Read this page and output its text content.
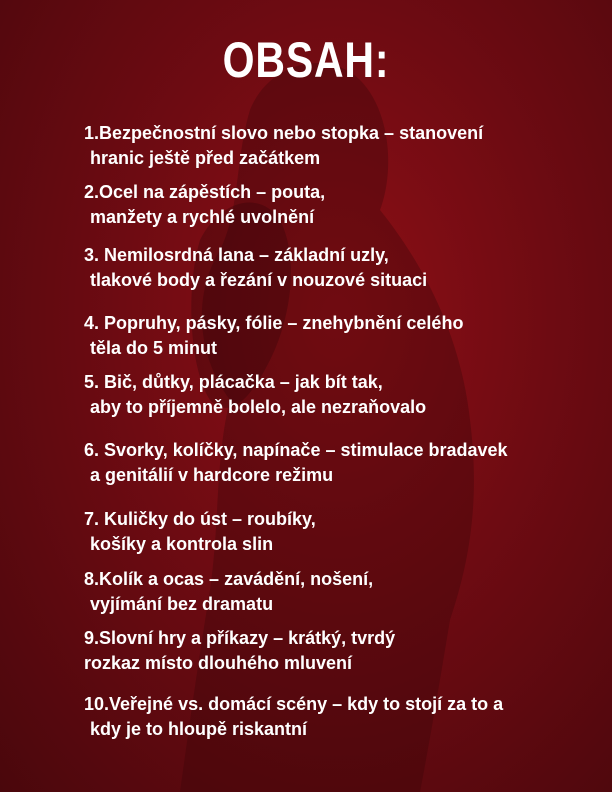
OBSAH:
1.Bezpečnostní slovo nebo stopka – stanovení
hranic ještě před začátkem
2.Ocel na zápěstích – pouta,
manžety a rychlé uvolnění
3. Nemilosrdná lana – základní uzly,
tlakové body a řezání v nouzové situaci
4. Popruhy, pásky, fólie – znehybnění celého
těla do 5 minut
5. Bič, důtky, plácačka – jak bít tak,
aby to příjemně bolelo, ale nezraňovalo
6. Svorky, kolíčky, napínače – stimulace bradavek
a genitálií v hardcore režimu
7. Kuličky do úst – roubíky,
košíky a kontrola slin
8.Kolík a ocas – zavádění, nošení,
vyjímání bez dramatu
9.Slovní hry a příkazy – krátký, tvrdý
rozkaz místo dlouhého mluvení
10.Veřejné vs. domácí scény – kdy to stojí za to a
kdy je to hloupě riskantní
